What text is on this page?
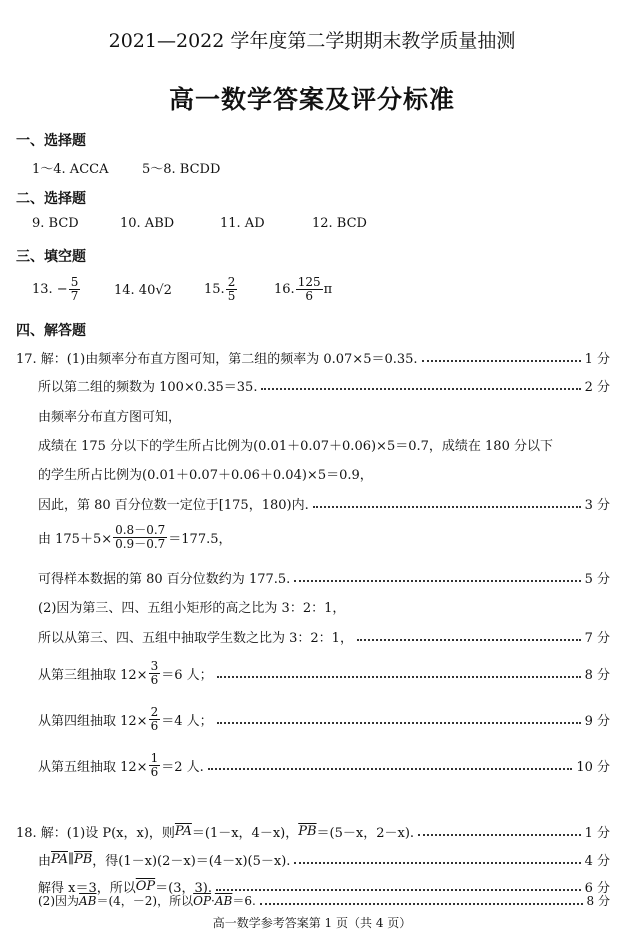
2021—2022 学年度第二学期期末教学质量抽测
高一数学答案及评分标准
一、选择题
1～4. ACCA	5～8. BCDD
二、选择题
9. BCD	10. ABD	11. AD	12. BCD
三、填空题
13. − $\frac{5}{7}$	14. 40√2 15. $\frac{2}{5}$	16. $\frac{125}{6}$ π
四、解答题
17. 解：(1)由频率分布直方图可知，第二组的频率为 0.07×5＝0.35.	1 分
所以第二组的频数为 100×0.35＝35.	2 分
由频率分布直方图可知，
成绩在 175 分以下的学生所占比例为(0.01＋0.07＋0.06)×5＝0.7，成绩在 180 分以下
的学生所占比例为(0.01＋0.07＋0.06＋0.04)×5＝0.9，
因此，第 80 百分位数一定位于[175，180)内.	3 分
由 $175+5\times \frac{0.8-0.7}{0.9-0.7} =177.5$，
可得样本数据的第 80 百分位数约为 177.5.	5 分
(2)因为第三、四、五组小矩形的高之比为 3：2：1，
所以从第三、四、五组中抽取学生数之比为 3：2：1，	7 分
从第三组抽取 $12\times \frac{3}{6} =6$ 人；	8 分
从第四组抽取 $12\times \frac{2}{6} =4$ 人；	9 分
从第五组抽取 $12\times \frac{1}{6} =2$ 人.	10 分
18. 解：(1)设 P(x，x)，则 $\overline{PA} =(1-x$，4－x)， $\overline{PB} =(5-x$，2－x).	1 分
由 $\overline{PA}$ ∥ $\overline{PB}$ ，得(1－x)(2－x)＝(4－x)(5－x).	4 分
解得 x＝3，所以 $\overline{OP} =(3$，3).	6 分
(2)因为 $\overline{AB} =(4$，－2)，所以 $\overline{OP} \cdot \overline{AB} =6$.	8 分
高一数学参考答案第 1 页（共 4 页）
